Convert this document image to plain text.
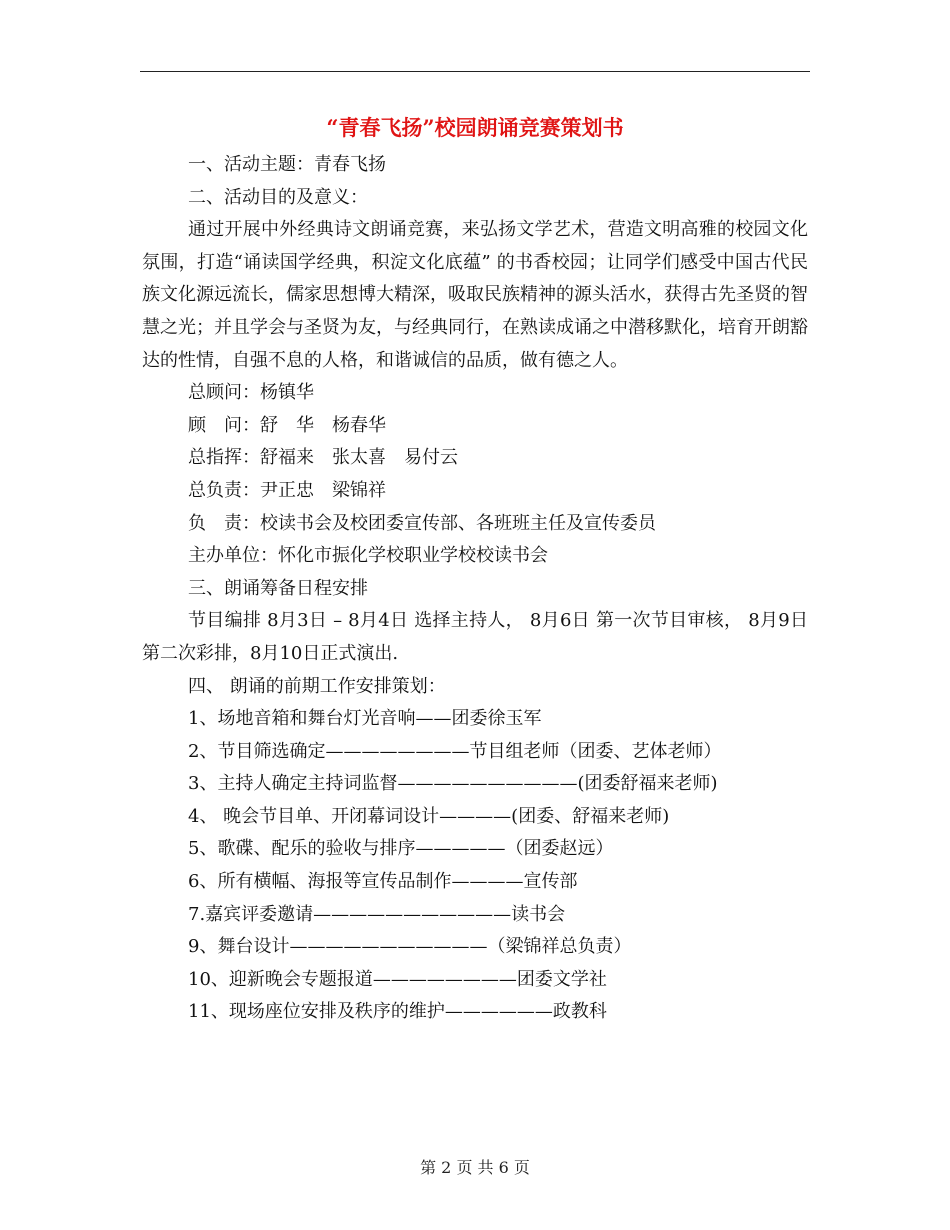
“青春飞扬”校园朗诵竞赛策划书

一、活动主题：青春飞扬

二、活动目的及意义：

通过开展中外经典诗文朗诵竞赛，来弘扬文学艺术，营造文明高雅的校园文化氛围，打造“诵读国学经典，积淀文化底蕴” 的书香校园；让同学们感受中国古代民族文化源远流长，儒家思想博大精深，吸取民族精神的源头活水，获得古先圣贤的智慧之光；并且学会与圣贤为友，与经典同行，在熟读成诵之中潜移默化，培育开朗豁达的性情，自强不息的人格，和谐诚信的品质，做有德之人。

总顾问：杨镇华

顾　问：舒　华　杨春华

总指挥：舒福来　张太喜　易付云

总负责：尹正忠　梁锦祥

负　责：校读书会及校团委宣传部、各班班主任及宣传委员

主办单位：怀化市振化学校职业学校校读书会

三、朗诵筹备日程安排

节目编排 8月3日 – 8月4日 选择主持人， 8月6日 第一次节目审核， 8月9日第二次彩排，8月10日正式演出.

四、 朗诵的前期工作安排策划：

1、场地音箱和舞台灯光音响——团委徐玉军

2、节目筛选确定————————节目组老师（团委、艺体老师）

3、主持人确定主持词监督——————————(团委舒福来老师)

4、 晚会节目单、开闭幕词设计————(团委、舒福来老师)

5、歌碟、配乐的验收与排序—————（团委赵远）

6、所有横幅、海报等宣传品制作————宣传部

7.嘉宾评委邀请———————————读书会

9、舞台设计———————————（梁锦祥总负责）

10、迎新晚会专题报道————————团委文学社

11、现场座位安排及秩序的维护——————政教科

第 2 页 共 6 页
